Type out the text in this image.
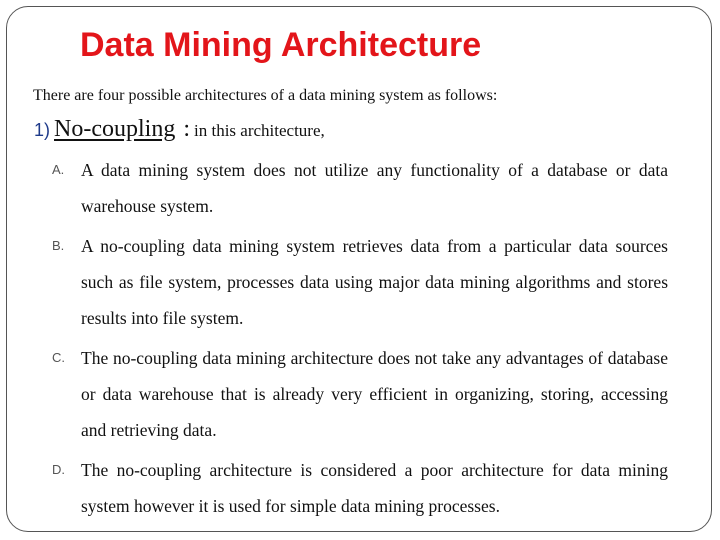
Data Mining Architecture
There are four possible architectures of a data mining system as follows:
1) No-coupling : in this architecture,
A. A data mining system does not utilize any functionality of a database or data warehouse system.
B. A no-coupling data mining system retrieves data from a particular data sources such as file system, processes data using major data mining algorithms and stores results into file system.
C. The no-coupling data mining architecture does not take any advantages of database or data warehouse that is already very efficient in organizing, storing, accessing and retrieving data.
D. The no-coupling architecture is considered a poor architecture for data mining system however it is used for simple data mining processes.
